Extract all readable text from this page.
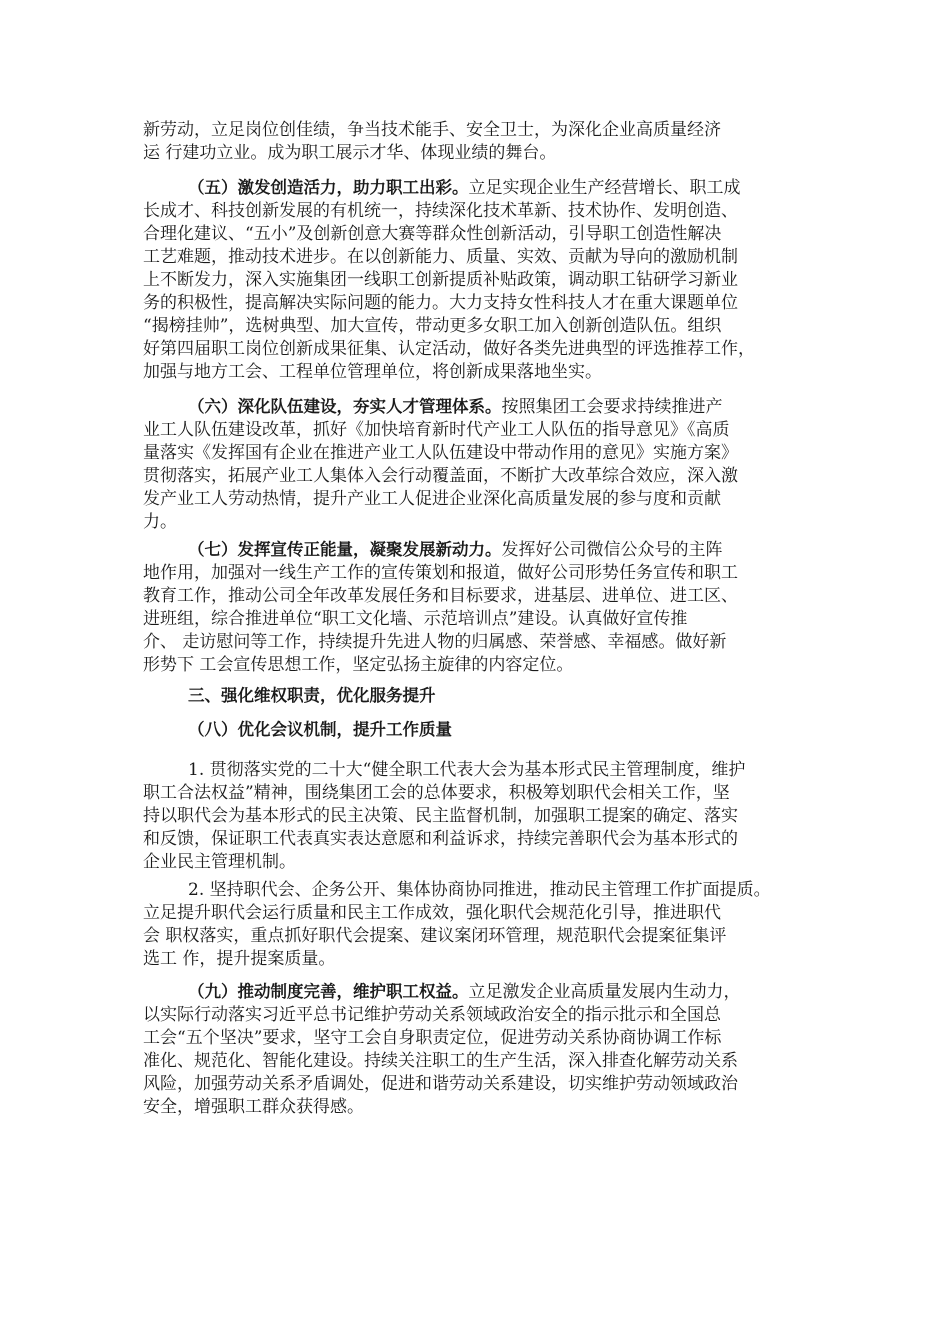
新劳动，立足岗位创佳绩，争当技术能手、安全卫士，为深化企业高质量经济
运 行建功立业。成为职工展示才华、体现业绩的舞台。
（五）激发创造活力，助力职工出彩。立足实现企业生产经营增长、职工成
长成才、科技创新发展的有机统一，持续深化技术革新、技术协作、发明创造、
合理化建议、“五小”及创新创意大赛等群众性创新活动，引导职工创造性解决
工艺难题，推动技术进步。在以创新能力、质量、实效、贡献为导向的激励机制
上不断发力，深入实施集团一线职工创新提质补贴政策，调动职工钻研学习新业
务的积极性，提高解决实际问题的能力。大力支持女性科技人才在重大课题单位
“揭榜挂帅”，选树典型、加大宣传，带动更多女职工加入创新创造队伍。组织
好第四届职工岗位创新成果征集、认定活动，做好各类先进典型的评选推荐工作，
加强与地方工会、工程单位管理单位，将创新成果落地坐实。
（六）深化队伍建设，夯实人才管理体系。按照集团工会要求持续推进产
业工人队伍建设改革，抓好《加快培育新时代产业工人队伍的指导意见》《高质
量落实《发挥国有企业在推进产业工人队伍建设中带动作用的意见》实施方案》
贯彻落实，拓展产业工人集体入会行动覆盖面，不断扩大改革综合效应，深入激
发产业工人劳动热情，提升产业工人促进企业深化高质量发展的参与度和贡献
力。
（七）发挥宣传正能量，凝聚发展新动力。发挥好公司微信公众号的主阵
地作用，加强对一线生产工作的宣传策划和报道，做好公司形势任务宣传和职工
教育工作，推动公司全年改革发展任务和目标要求，进基层、进单位、进工区、
进班组，综合推进单位“职工文化墙、示范培训点”建设。认真做好宣传推
介、 走访慰问等工作，持续提升先进人物的归属感、荣誉感、幸福感。做好新
形势下 工会宣传思想工作，坚定弘扬主旋律的内容定位。
三、强化维权职责，优化服务提升
（八）优化会议机制，提升工作质量
1. 贯彻落实党的二十大“健全职工代表大会为基本形式民主管理制度，维护
职工合法权益”精神，围绕集团工会的总体要求，积极筹划职代会相关工作，坚
持以职代会为基本形式的民主决策、民主监督机制，加强职工提案的确定、落实
和反馈，保证职工代表真实表达意愿和利益诉求，持续完善职代会为基本形式的
企业民主管理机制。
2. 坚持职代会、企务公开、集体协商协同推进，推动民主管理工作扩面提质。
立足提升职代会运行质量和民主工作成效，强化职代会规范化引导，推进职代
会 职权落实，重点抓好职代会提案、建议案闭环管理，规范职代会提案征集评
选工 作，提升提案质量。
（九）推动制度完善，维护职工权益。立足激发企业高质量发展内生动力，
以实际行动落实习近平总书记维护劳动关系领域政治安全的指示批示和全国总
工会“五个坚决”要求，坚守工会自身职责定位，促进劳动关系协商协调工作标
准化、规范化、智能化建设。持续关注职工的生产生活，深入排查化解劳动关系
风险，加强劳动关系矛盾调处，促进和谐劳动关系建设，切实维护劳动领域政治
安全，增强职工群众获得感。
